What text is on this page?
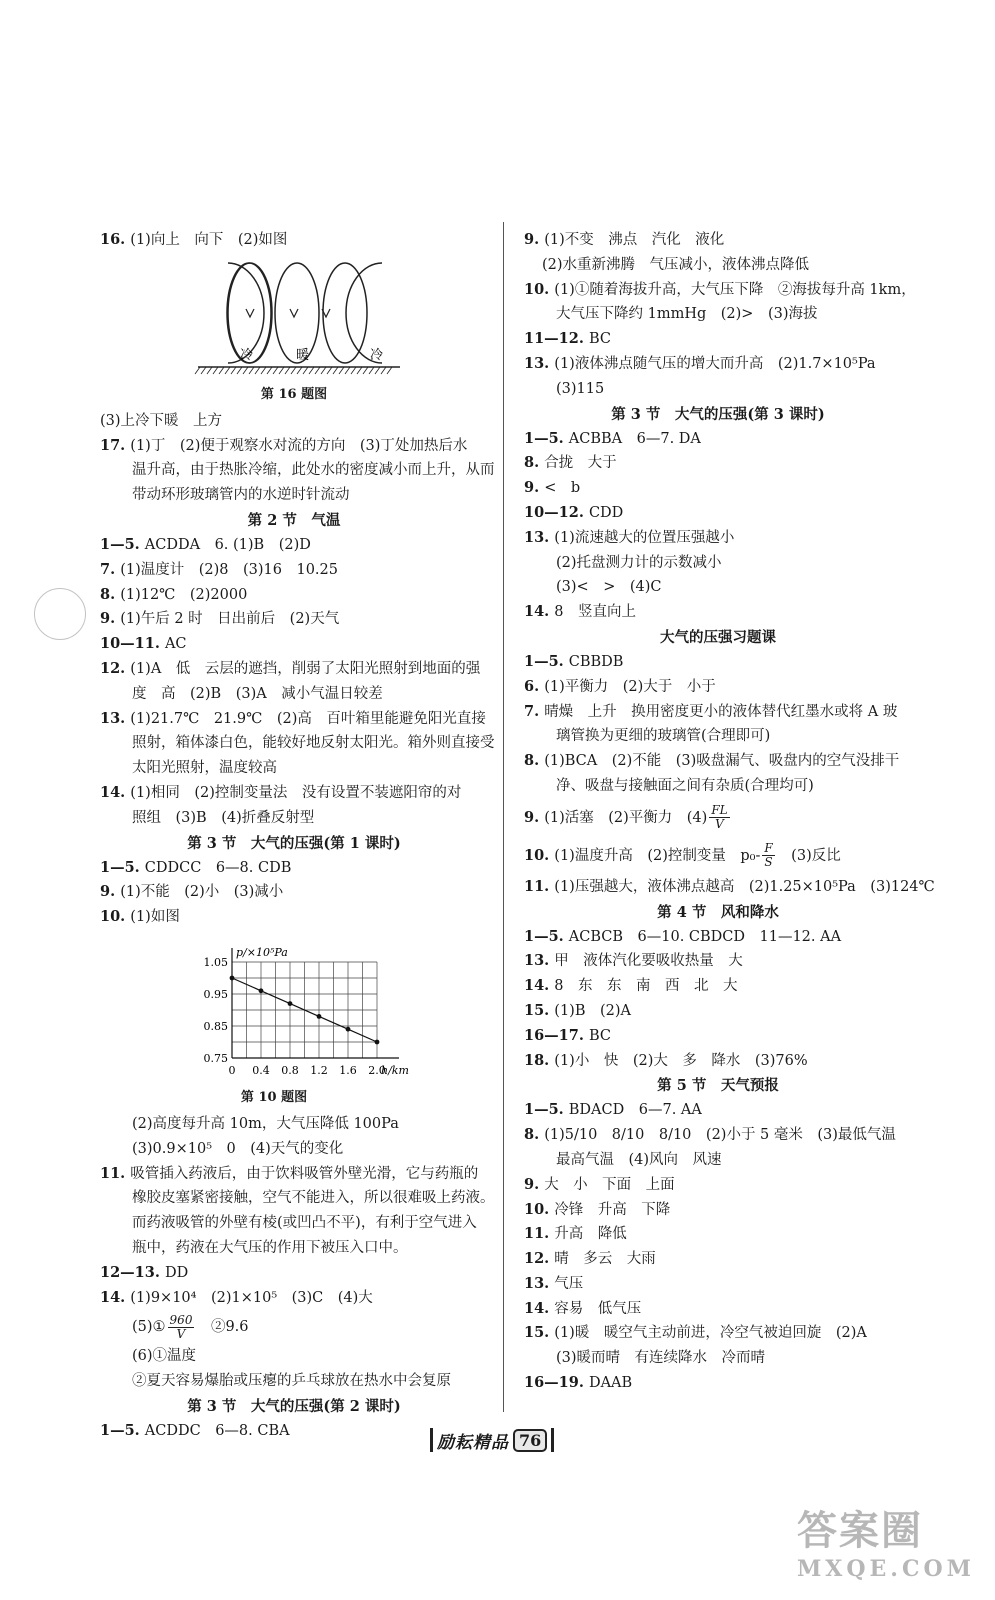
16. (1)向上　向下　(2)如图
冷	暖	冷
第 16 题图
(3)上冷下暖　上方
17. (1)丁　(2)便于观察水对流的方向　(3)丁处加热后水
温升高，由于热胀冷缩，此处水的密度减小而上升，从而
带动环形玻璃管内的水逆时针流动
第 2 节　气温
1—5. ACDDA　6. (1)B　(2)D
7. (1)温度计　(2)8　(3)16　10.25
8. (1)12℃　(2)2000
9. (1)午后 2 时　日出前后　(2)天气
10—11. AC
12. (1)A　低　云层的遮挡，削弱了太阳光照射到地面的强
度　高　(2)B　(3)A　减小气温日较差
13. (1)21.7℃　21.9℃　(2)高　百叶箱里能避免阳光直接
照射，箱体漆白色，能较好地反射太阳光。箱外则直接受
太阳光照射，温度较高
14. (1)相同　(2)控制变量法　没有设置不装遮阳帘的对
照组　(3)B　(4)折叠反射型
第 3 节　大气的压强(第 1 课时)
1—5. CDDCC　6—8. CDB
9. (1)不能　(2)小　(3)减小
10. (1)如图
p/×10⁵Pa
h/km
1.05
0.95
0.85
0.75
0 0.4 0.8 1.2 1.6 2.0
第 10 题图
(2)高度每升高 10m，大气压降低 100Pa
(3)0.9×10⁵　0　(4)天气的变化
11. 吸管插入药液后，由于饮料吸管外壁光滑，它与药瓶的
橡胶皮塞紧密接触，空气不能进入，所以很难吸上药液。
而药液吸管的外壁有棱(或凹凸不平)，有利于空气进入
瓶中，药液在大气压的作用下被压入口中。
12—13. DD
14. (1)9×10⁴　(2)1×10⁵　(3)C　(4)大
(5)① $\frac{960}{V}$ 　②9.6
(6)①温度
②夏天容易爆胎或压瘪的乒乓球放在热水中会复原
第 3 节　大气的压强(第 2 课时)
1—5. ACDDC　6—8. CBA
9. (1)不变　沸点　汽化　液化
(2)水重新沸腾　气压减小，液体沸点降低
10. (1)①随着海拔升高，大气压下降　②海拔每升高 1km，
大气压下降约 1mmHg　(2)>　(3)海拔
11—12. BC
13. (1)液体沸点随气压的增大而升高　(2)1.7×10⁵Pa
(3)115
第 3 节　大气的压强(第 3 课时)
1—5. ACBBA　6—7. DA
8. 合拢　大于
9. <　b
10—12. CDD
13. (1)流速越大的位置压强越小
(2)托盘测力计的示数减小
(3)<　>　(4)C
14. 8　竖直向上
大气的压强习题课
1—5. CBBDB
6. (1)平衡力　(2)大于　小于
7. 晴燥　上升　换用密度更小的液体替代红墨水或将 A 玻
璃管换为更细的玻璃管(合理即可)
8. (1)BCA　(2)不能　(3)吸盘漏气、吸盘内的空气没排干
净、吸盘与接触面之间有杂质(合理均可)
9. (1)活塞　(2)平衡力　$(4) \frac{FL}{V}$
10. (1)温度升高　(2)控制变量　$p_0- \frac{F}{S}$ 　(3)反比
11. (1)压强越大，液体沸点越高　(2)1.25×10⁵Pa　(3)124℃
第 4 节　风和降水
1—5. ACBCB　6—10. CBDCD　11—12. AA
13. 甲　液体汽化要吸收热量　大
14. 8　东　东　南　西　北　大
15. (1)B　(2)A
16—17. BC
18. (1)小　快　(2)大　多　降水　(3)76%
第 5 节　天气预报
1—5. BDACD　6—7. AA
8. (1)5/10　8/10　8/10　(2)小于 5 毫米　(3)最低气温
最高气温　(4)风向　风速
9. 大　小　下面　上面
10. 冷锋　升高　下降
11. 升高　降低
12. 晴　多云　大雨
13. 气压
14. 容易　低气压
15. (1)暖　暖空气主动前进，冷空气被迫回旋　(2)A
(3)暖而晴　有连续降水　冷而晴
16—19. DAAB
励耘精品 76
答案圈
MXQE.COM
